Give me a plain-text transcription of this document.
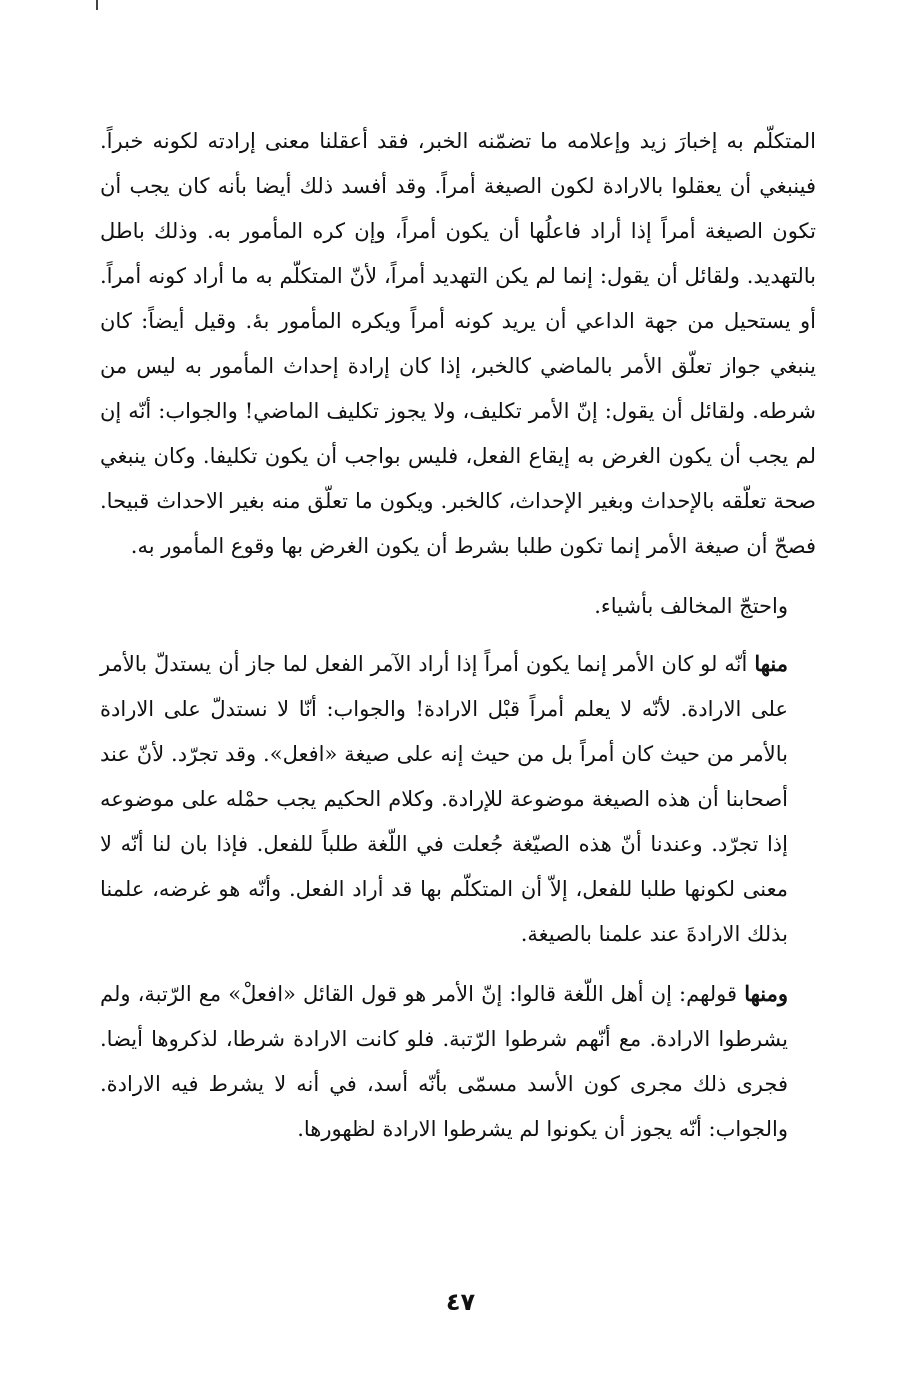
المتكلّم به إخبارَ زيد وإعلامه ما تضمّنه الخبر، فقد أعقلنا معنى إرادته لكونه خبراً. فينبغي أن يعقلوا بالارادة لكون الصيغة أمراً. وقد أفسد ذلك أيضا بأنه كان يجب أن تكون الصيغة أمراً إذا أراد فاعلُها أن يكون أمراً، وإن كره المأمور به. وذلك باطل بالتهديد. ولقائل أن يقول: إنما لم يكن التهديد أمراً، لأنّ المتكلّم به ما أراد كونه أمراً. أو يستحيل من جهة الداعي أن يريد كونه أمراً ويكره المأمور بهٔ. وقيل أيضاً: كان ينبغي جواز تعلّق الأمر بالماضي كالخبر، إذا كان إرادة إحداث المأمور به ليس من شرطه. ولقائل أن يقول: إنّ الأمر تكليف، ولا يجوز تكليف الماضي! والجواب: أنّه إن لم يجب أن يكون الغرض به إيقاع الفعل، فليس بواجب أن يكون تكليفا. وكان ينبغي صحة تعلّقه بالإحداث وبغير الإحداث، كالخبر. ويكون ما تعلّق منه بغير الاحداث قبيحا. فصحّ أن صيغة الأمر إنما تكون طلبا بشرط أن يكون الغرض بها وقوع المأمور به.

واحتجّ المخالف بأشياء.

منها أنّه لو كان الأمر إنما يكون أمراً إذا أراد الآمر الفعل لما جاز أن يستدلّ بالأمر على الارادة. لأنّه لا يعلم أمراً قبْل الارادة! والجواب: أنّا لا نستدلّ على الارادة بالأمر من حيث كان أمراً بل من حيث إنه على صيغة «افعل». وقد تجرّد. لأنّ عند أصحابنا أن هذه الصيغة موضوعة للإرادة. وكلام الحكيم يجب حمْله على موضوعه إذا تجرّد. وعندنا أنّ هذه الصيّغة جُعلت في اللّغة طلباً للفعل. فإذا بان لنا أنّه لا معنى لكونها طلبا للفعل، إلاّ أن المتكلّم بها قد أراد الفعل. وأنّه هو غرضه، علمنا بذلك الارادةَ عند علمنا بالصيغة.

ومنها قولهم: إن أهل اللّغة قالوا: إنّ الأمر هو قول القائل «افعلْ» مع الرّتبة، ولم يشرطوا الارادة. مع أنّهم شرطوا الرّتبة. فلو كانت الارادة شرطا، لذكروها أيضا. فجرى ذلك مجرى كون الأسد مسمّى بأنّه أسد، في أنه لا يشرط فيه الارادة. والجواب: أنّه يجوز أن يكونوا لم يشرطوا الارادة لظهورها.

٤٧
